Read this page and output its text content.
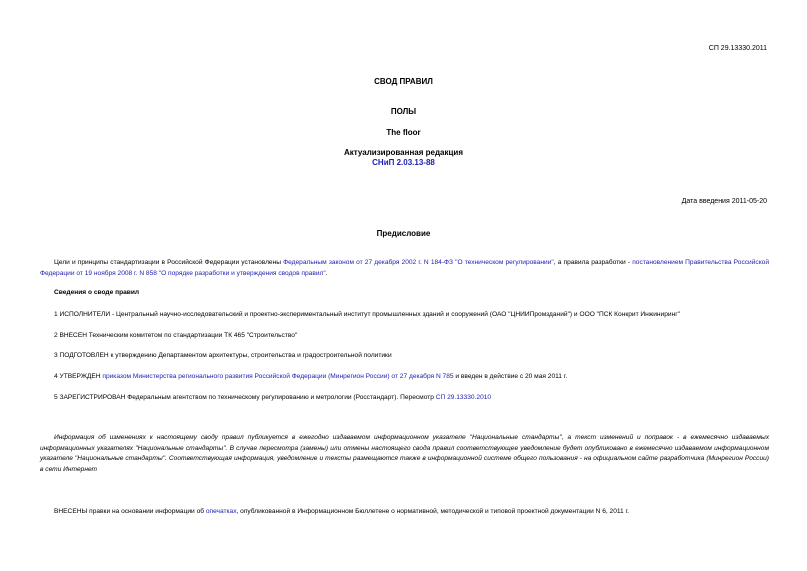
СП 29.13330.2011
СВОД ПРАВИЛ
ПОЛЫ
The floor
Актуализированная редакция
СНиП 2.03.13-88
Дата введения 2011-05-20
Предисловие
Цели и принципы стандартизации в Российской Федерации установлены Федеральным законом от 27 декабря 2002 г. N 184-ФЗ "О техническом регулировании", а правила разработки - постановлением Правительства Российской Федерации от 19 ноября 2008 г. N 858 "О порядке разработки и утверждения сводов правил".
Сведения о своде правил
1 ИСПОЛНИТЕЛИ - Центральный научно-исследовательский и проектно-экспериментальный институт промышленных зданий и сооружений (ОАО "ЦНИИПромзданий") и ООО "ПСК Конкрит Инжиниринг"
2 ВНЕСЕН Техническим комитетом по стандартизации ТК 465 "Строительство"
3 ПОДГОТОВЛЕН к утверждению Департаментом архитектуры, строительства и градостроительной политики
4 УТВЕРЖДЕН приказом Министерства регионального развития Российской Федерации (Минрегион России) от 27 декабря N 785 и введен в действие с 20 мая 2011 г.
5 ЗАРЕГИСТРИРОВАН Федеральным агентством по техническому регулированию и метрологии (Росстандарт). Пересмотр СП 29.13330.2010
Информация об изменениях к настоящему своду правил публикуется в ежегодно издаваемом информационном указателе "Национальные стандарты", а текст изменений и поправок - в ежемесячно издаваемых информационных указателях "Национальные стандарты". В случае пересмотра (замены) или отмены настоящего свода правил соответствующее уведомление будет опубликовано в ежемесячно издаваемом информационном указателе "Национальные стандарты". Соответствующая информация, уведомление и тексты размещаются также в информационной системе общего пользования - на официальном сайте разработчика (Минрегион России) в сети Интернет
ВНЕСЕНЫ правки на основании информации об опечатках, опубликованной в Информационном Бюллетене о нормативной, методической и типовой проектной документации N 6, 2011 г.
